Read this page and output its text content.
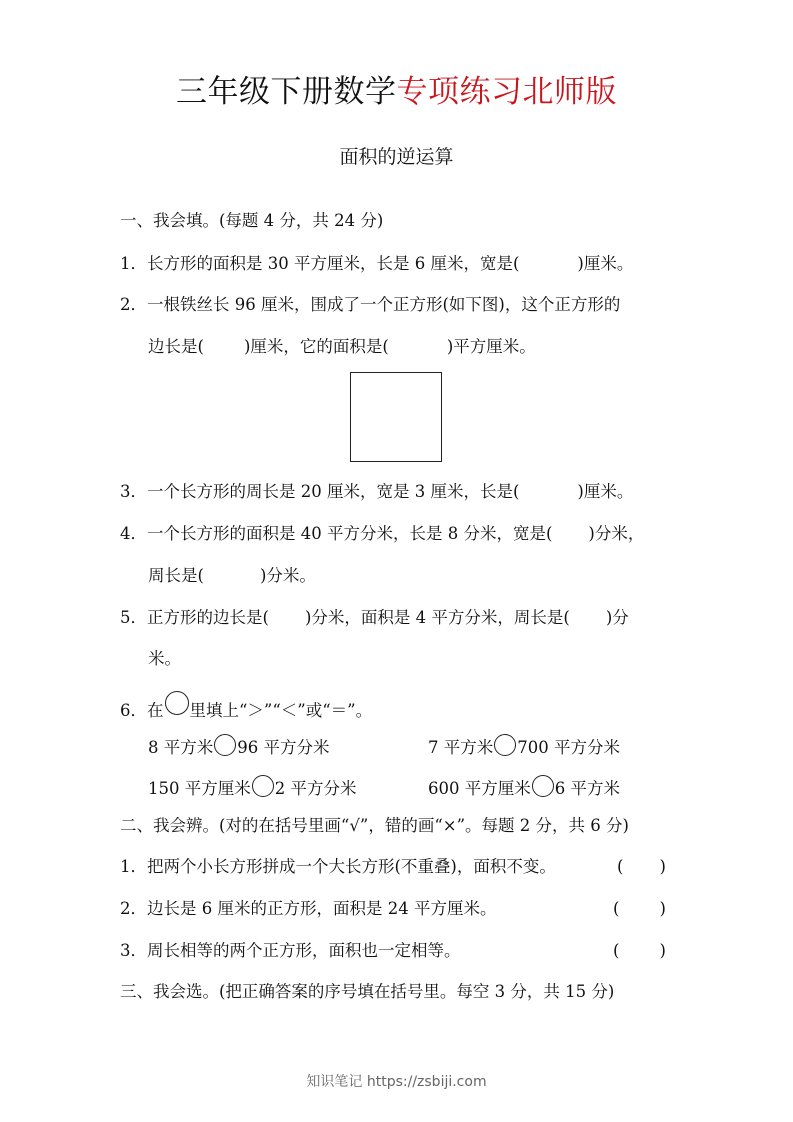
三年级下册数学专项练习北师版
面积的逆运算
一、我会填。(每题 4 分，共 24 分)
1．长方形的面积是 30 平方厘米，长是 6 厘米，宽是(	)厘米。
2．一根铁丝长 96 厘米，围成了一个正方形(如下图)，这个正方形的
边长是( )厘米，它的面积是(	)平方厘米。
3．一个长方形的周长是 20 厘米，宽是 3 厘米，长是(	)厘米。
4．一个长方形的面积是 40 平方分米，长是 8 分米，宽是( )分米，
周长是(	)分米。
5．正方形的边长是( )分米，面积是 4 平方分米，周长是( )分
米。
6．在 里填上“＞”“＜”或“＝”。
8 平方米 96 平方分米	7 平方米 700 平方分米
150 平方厘米 2 平方分米	600 平方厘米 6 平方米
二、我会辨。(对的在括号里画“√”，错的画“×”。每题 2 分，共 6 分)
1．把两个小长方形拼成一个大长方形(不重叠)，面积不变。	( )
2．边长是 6 厘米的正方形，面积是 24 平方厘米。	( )
3．周长相等的两个正方形，面积也一定相等。	( )
三、我会选。(把正确答案的序号填在括号里。每空 3 分，共 15 分)
知识笔记 https://zsbiji.com
